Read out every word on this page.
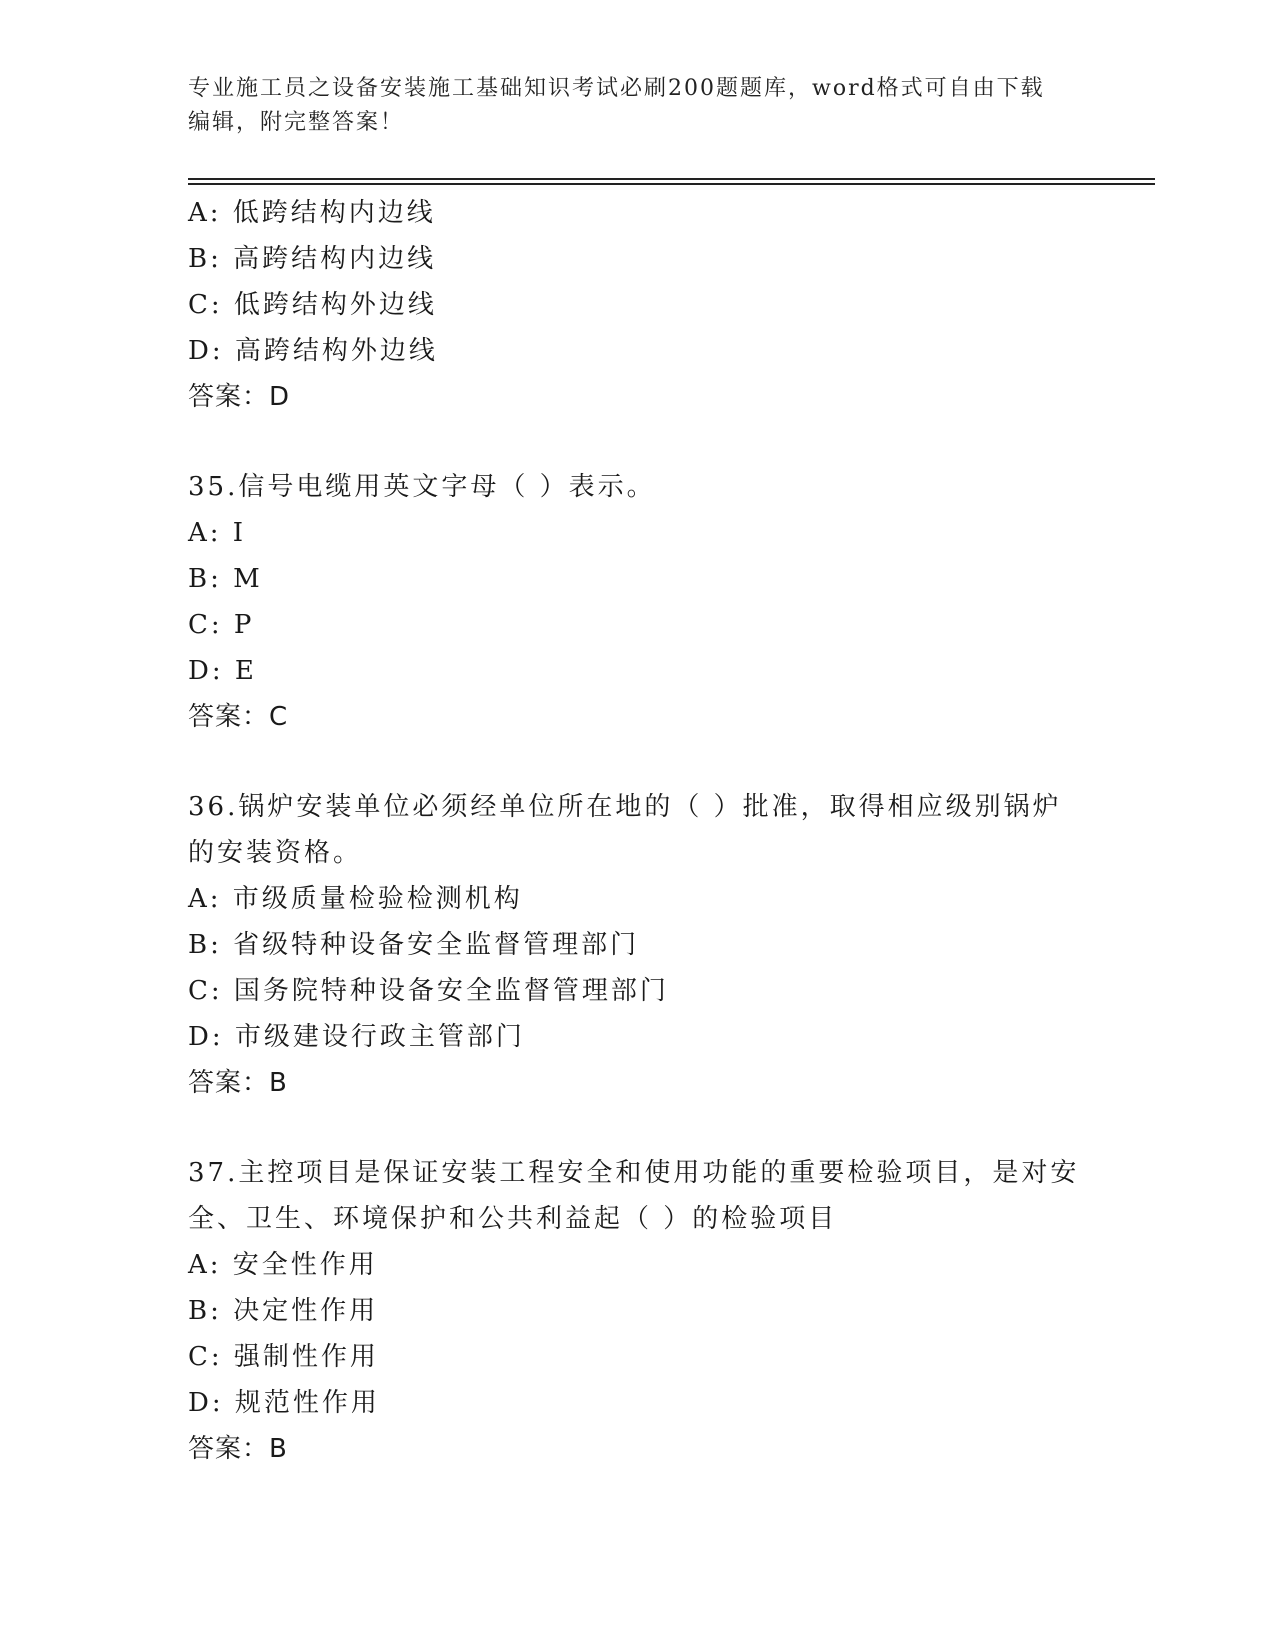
专业施工员之设备安装施工基础知识考试必刷200题题库，word格式可自由下载
编辑，附完整答案！
A: 低跨结构内边线
B: 高跨结构内边线
C: 低跨结构外边线
D: 高跨结构外边线
答案：D
35.信号电缆用英文字母（ ）表示。
A: I
B: M
C: P
D: E
答案：C
36.锅炉安装单位必须经单位所在地的（ ）批准，取得相应级别锅炉
的安装资格。
A: 市级质量检验检测机构
B: 省级特种设备安全监督管理部门
C: 国务院特种设备安全监督管理部门
D: 市级建设行政主管部门
答案：B
37.主控项目是保证安装工程安全和使用功能的重要检验项目，是对安
全、卫生、环境保护和公共利益起（ ）的检验项目
A: 安全性作用
B: 决定性作用
C: 强制性作用
D: 规范性作用
答案：B
